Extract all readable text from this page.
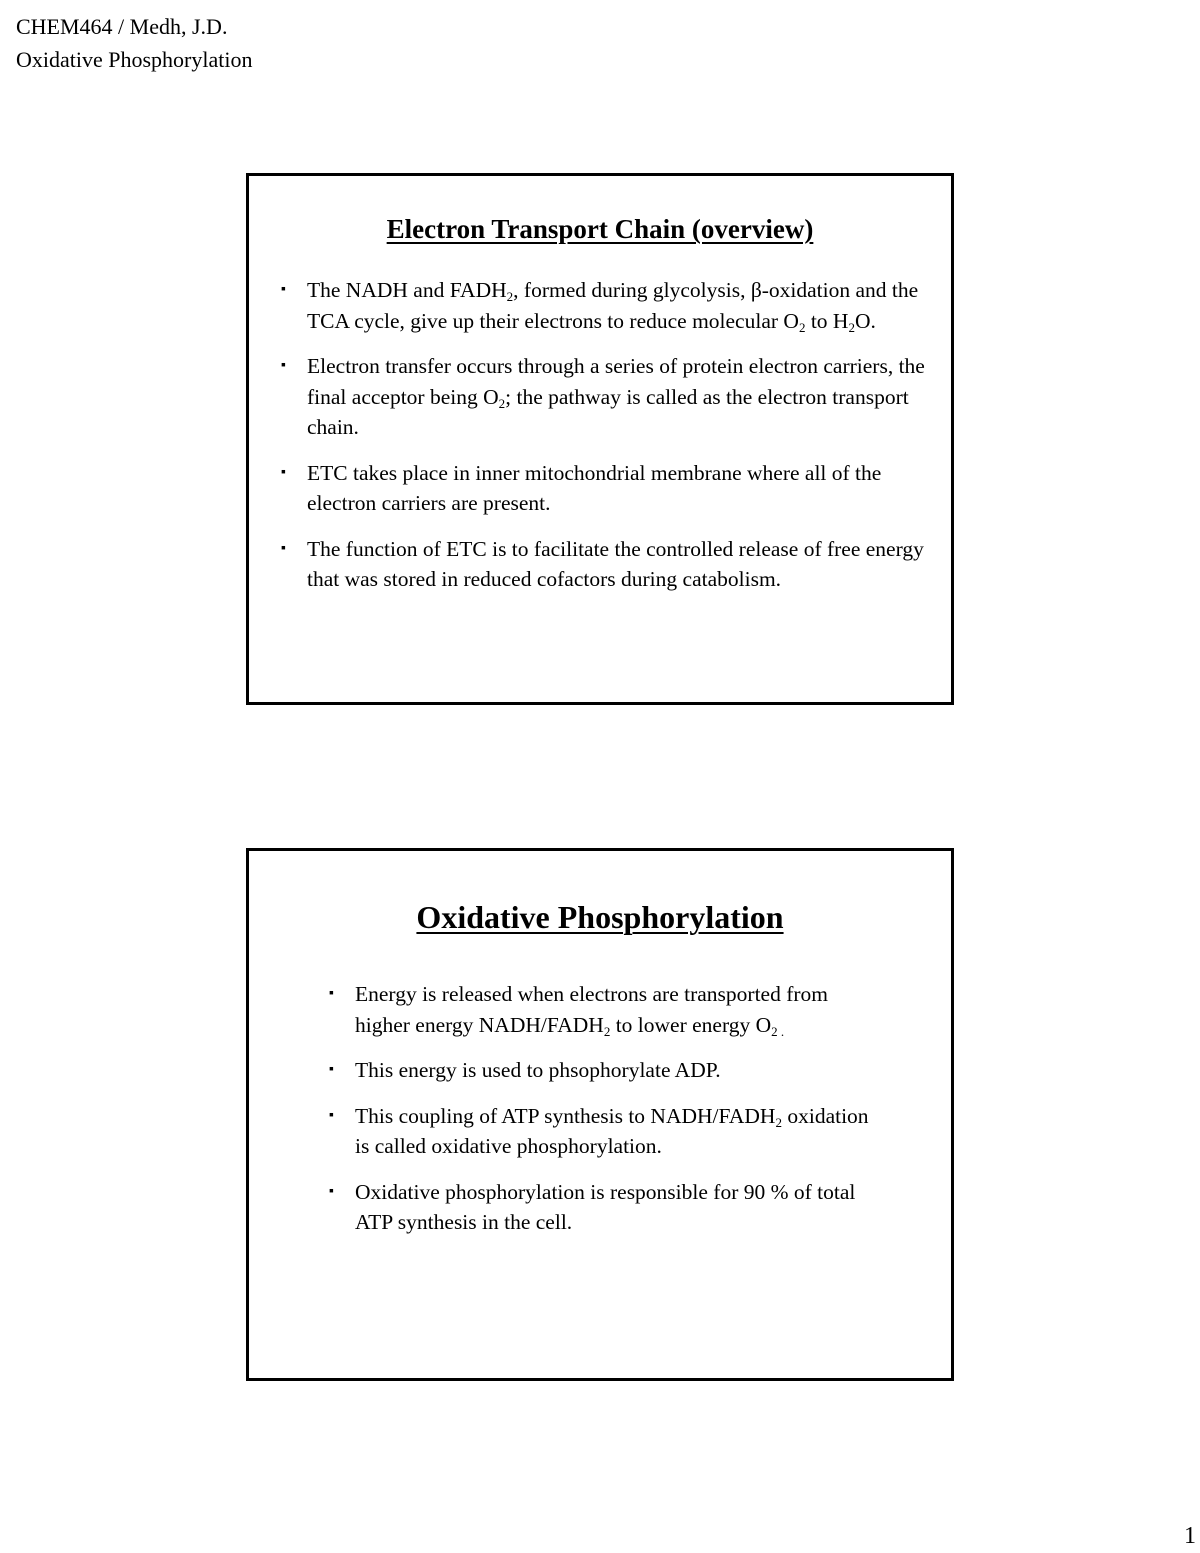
CHEM464 / Medh, J.D.
Oxidative Phosphorylation
Electron Transport Chain (overview)
▪ The NADH and $FADH_2$, formed during glycolysis, β-oxidation and the TCA cycle, give up their electrons to reduce molecular $O_2$ to $H_2O$.
▪ Electron transfer occurs through a series of protein electron carriers, the final acceptor being $O_2$; the pathway is called as the electron transport chain.
▪ ETC takes place in inner mitochondrial membrane where all of the electron carriers are present.
▪ The function of ETC is to facilitate the controlled release of free energy that was stored in reduced cofactors during catabolism.
Oxidative Phosphorylation
▪ Energy is released when electrons are transported from higher energy NADH/$FADH_2$ to lower energy $O_{2 .}$
▪ This energy is used to phsophorylate ADP.
▪ This coupling of ATP synthesis to NADH/$FADH_2$ oxidation is called oxidative phosphorylation.
▪ Oxidative phosphorylation is responsible for 90 % of total ATP synthesis in the cell.
1
